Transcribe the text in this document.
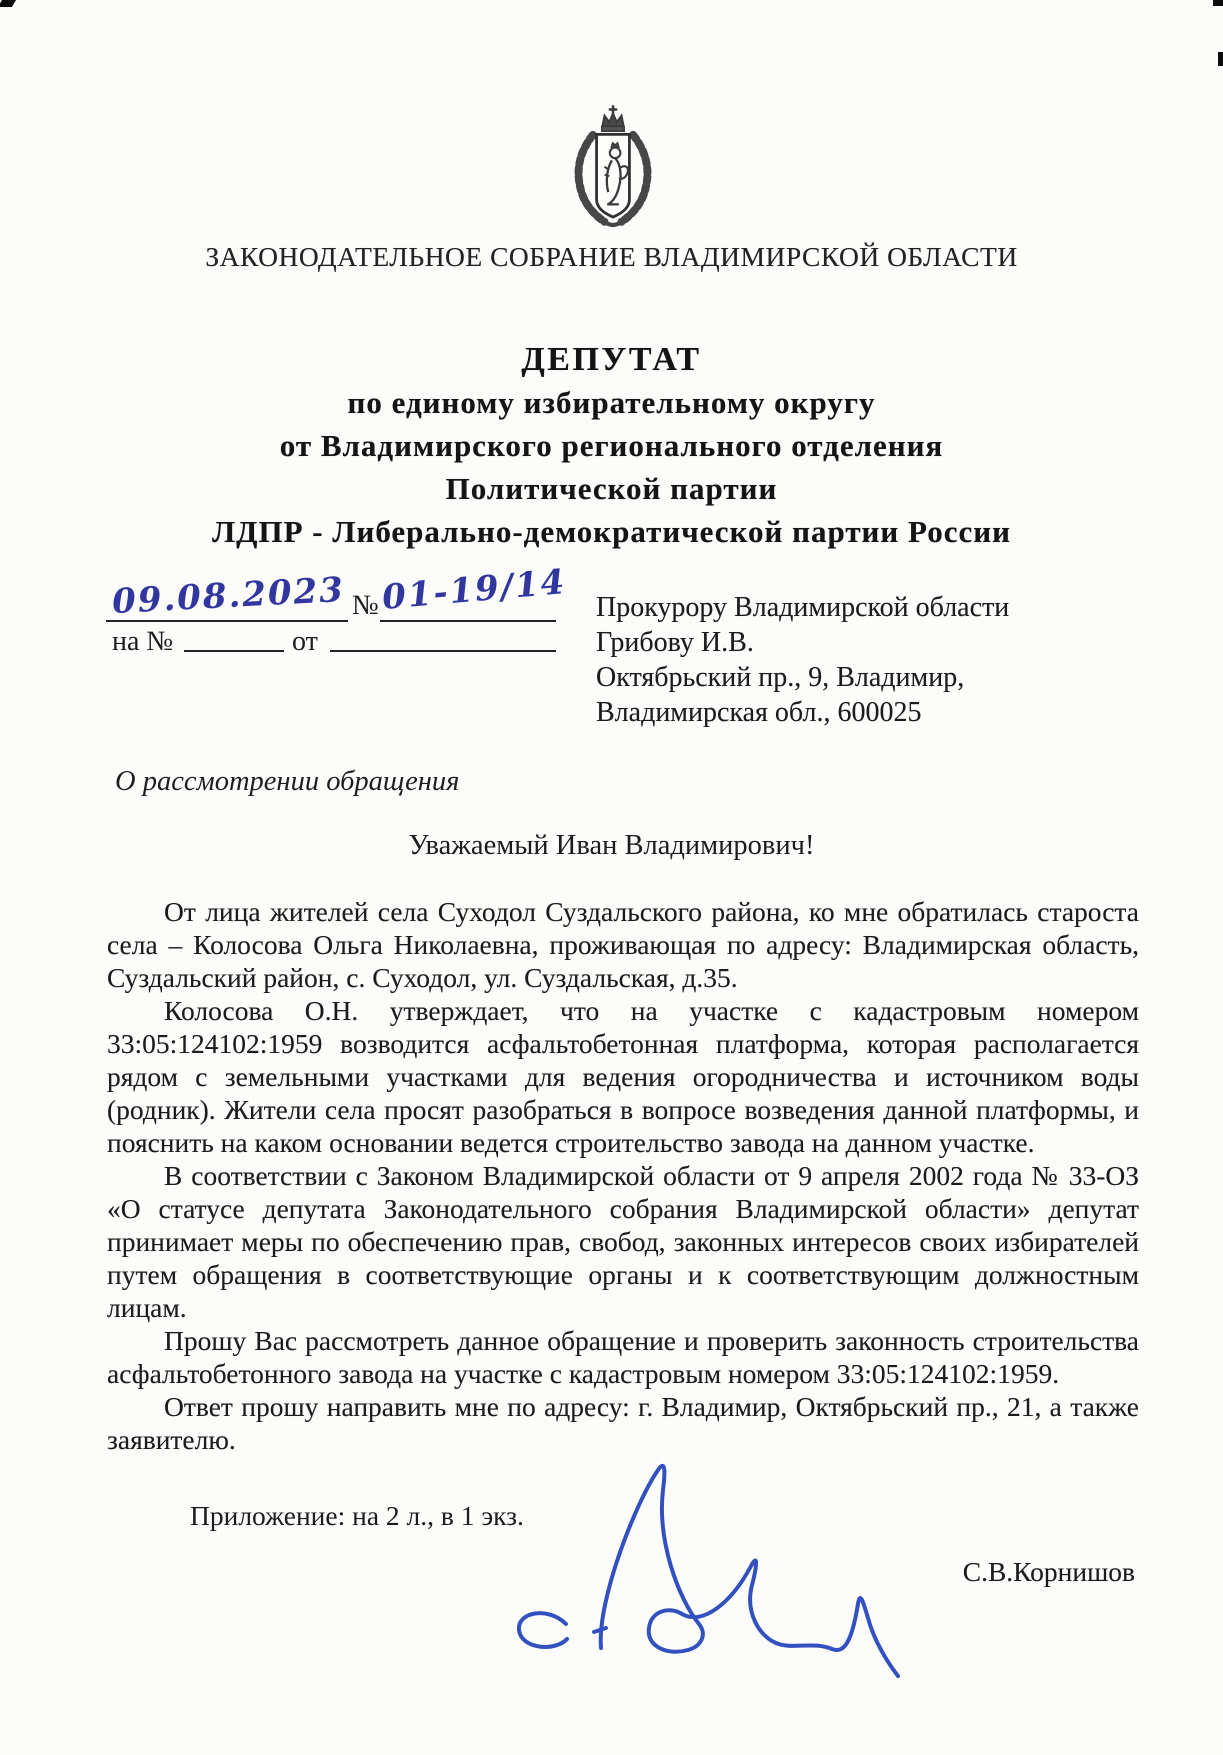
ЗАКОНОДАТЕЛЬНОЕ СОБРАНИЕ ВЛАДИМИРСКОЙ ОБЛАСТИ
ДЕПУТАТ
по единому избирательному округу
от Владимирского регионального отделения
Политической партии
ЛДПР - Либерально-демократической партии России
09.08.2023 № 01-19/14
на №	от
Прокурору Владимирской области
Грибову И.В.
Октябрьский пр., 9, Владимир,
Владимирская обл., 600025
О рассмотрении обращения
Уважаемый Иван Владимирович!

От лица жителей села Суходол Суздальского района, ко мне обратилась староста села – Колосова Ольга Николаевна, проживающая по адресу: Владимирская область, Суздальский район, с. Суходол, ул. Суздальская, д.35.

Колосова О.Н. утверждает, что на участке с кадастровым номером 33:05:124102:1959 возводится асфальтобетонная платформа, которая располагается рядом с земельными участками для ведения огородничества и источником воды (родник). Жители села просят разобраться в вопросе возведения данной платформы, и пояснить на каком основании ведется строительство завода на данном участке.

В соответствии с Законом Владимирской области от 9 апреля 2002 года № 33-ОЗ «О статусе депутата Законодательного собрания Владимирской области» депутат принимает меры по обеспечению прав, свобод, законных интересов своих избирателей путем обращения в соответствующие органы и к соответствующим должностным лицам.

Прошу Вас рассмотреть данное обращение и проверить законность строительства асфальтобетонного завода на участке с кадастровым номером 33:05:124102:1959.

Ответ прошу направить мне по адресу: г. Владимир, Октябрьский пр., 21, а также заявителю.

Приложение: на 2 л., в 1 экз.
С.В.Корнишов
